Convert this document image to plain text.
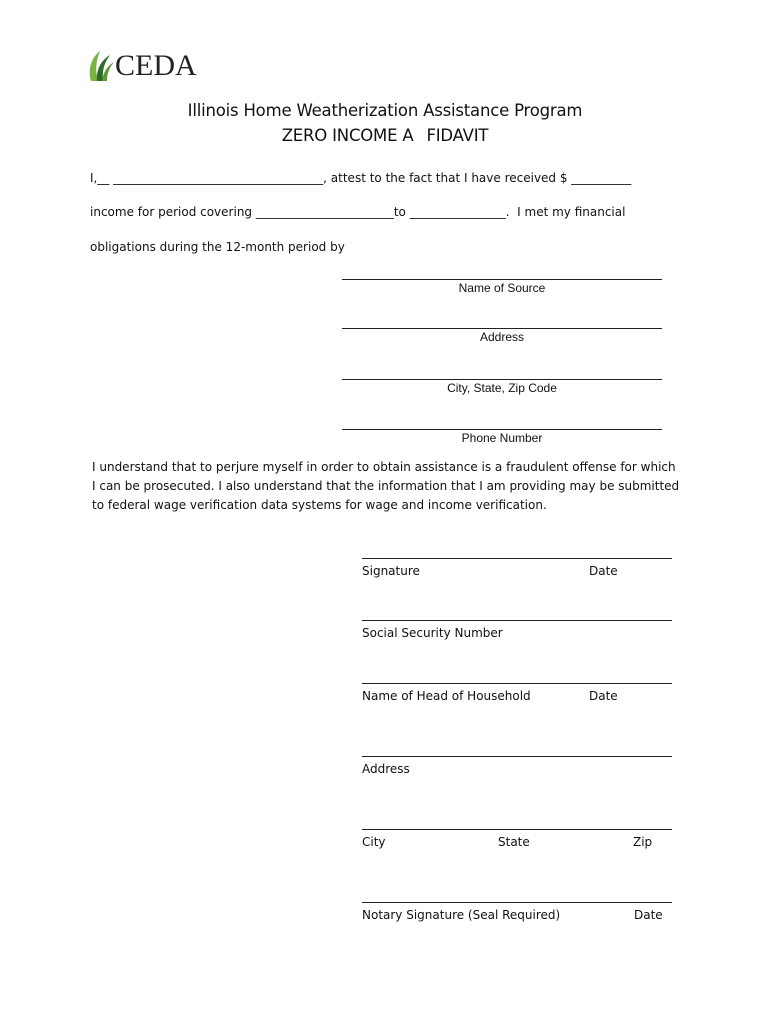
CEDA
Illinois Home Weatherization Assistance Program
ZERO INCOME AFIDAVIT
I,__ ___________________________________, attest to the fact that I have received $ __________
income for period covering _______________________to ________________.  I met my financial
obligations during the 12-month period by
Name of Source
Address
City, State, Zip Code
Phone Number
I understand that to perjure myself in order to obtain assistance is a fraudulent offense for which I can be prosecuted. I also understand that the information that I am providing may be submitted to federal wage verification data systems for wage and income verification.
Signature	Date
Social Security Number
Name of Head of Household	Date
Address
City	State	Zip
Notary Signature (Seal Required)	Date
